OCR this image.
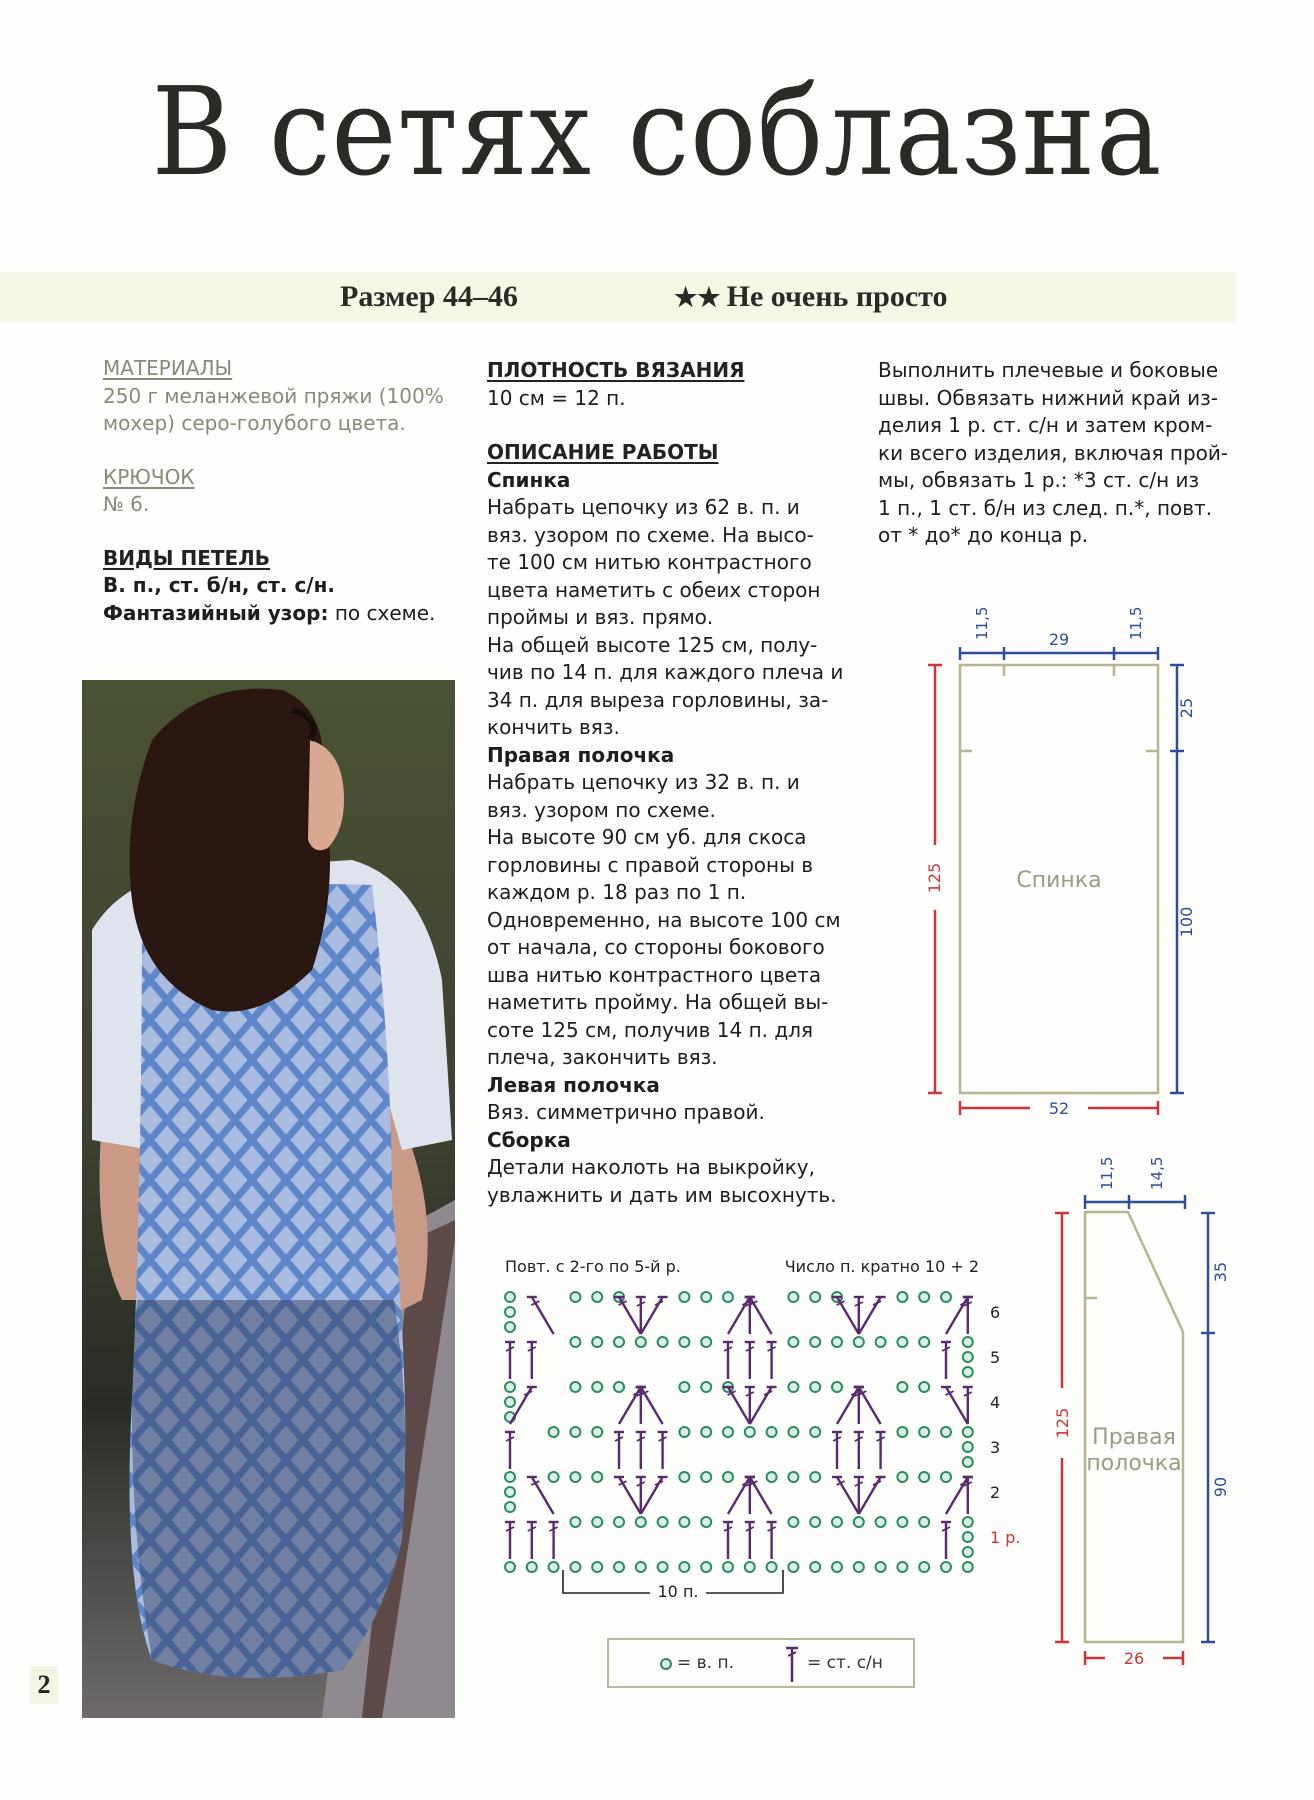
В сетях соблазна
Размер 44–46	★★ Не очень просто
МАТЕРИАЛЫ
250 г меланжевой пряжи (100%
мохер) серо-голубого цвета.
КРЮЧОК
№ 6.
ВИДЫ ПЕТЕЛЬ
В. п., ст. б/н, ст. с/н.
Фантазийный узор: по схеме.
2
ПЛОТНОСТЬ ВЯЗАНИЯ
10 см = 12 п.
ОПИСАНИЕ РАБОТЫ
Спинка
Набрать цепочку из 62 в. п. и
вяз. узором по схеме. На высо-
те 100 см нитью контрастного
цвета наметить с обеих сторон
проймы и вяз. прямо.
На общей высоте 125 см, полу-
чив по 14 п. для каждого плеча и
34 п. для выреза горловины, за-
кончить вяз.
Правая полочка
Набрать цепочку из 32 в. п. и
вяз. узором по схеме.
На высоте 90 см уб. для скоса
горловины с правой стороны в
каждом р. 18 раз по 1 п.
Одновременно, на высоте 100 см
от начала, со стороны бокового
шва нитью контрастного цвета
наметить пройму. На общей вы-
соте 125 см, получив 14 п. для
плеча, закончить вяз.
Левая полочка
Вяз. симметрично правой.
Сборка
Детали наколоть на выкройку,
увлажнить и дать им высохнуть.
Выполнить плечевые и боковые
швы. Обвязать нижний край из-
делия 1 р. ст. с/н и затем кром-
ки всего изделия, включая прой-
мы, обвязать 1 р.: *3 ст. с/н из
1 п., 1 ст. б/н из след. п.*, повт.
от * до* до конца р.
11,5	29	11,5
25
100
125
52
Спинка
11,5 14,5
35
90
125
26
Правая
полочка
Повт. с 2-го по 5-й р.	Число п. кратно 10 + 2
6
5
4
3
2
1 р.
10 п.
= в. п.	= ст. с/н
